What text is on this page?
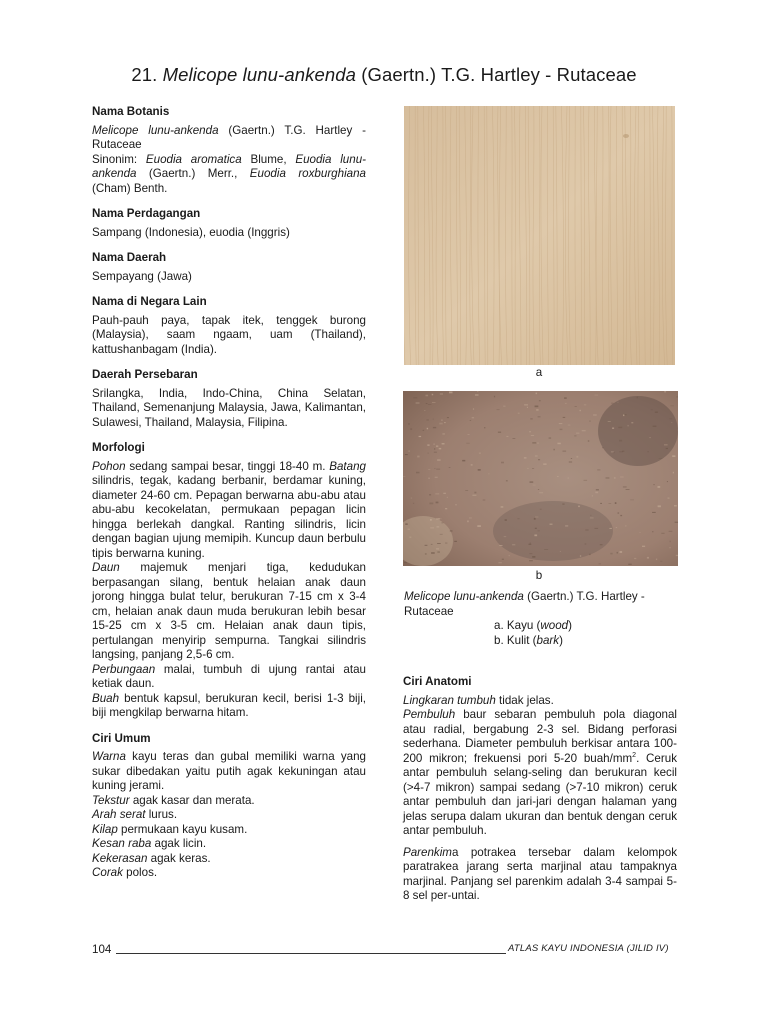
21. Melicope lunu-ankenda (Gaertn.) T.G. Hartley - Rutaceae
Nama Botanis

Melicope lunu-ankenda (Gaertn.) T.G. Hartley - Rutaceae

Sinonim: Euodia aromatica Blume, Euodia lunu-ankenda (Gaertn.) Merr., Euodia roxburghiana (Cham) Benth.

Nama Perdagangan

Sampang (Indonesia), euodia (Inggris)

Nama Daerah

Sempayang (Jawa)

Nama di Negara Lain

Pauh-pauh paya, tapak itek, tenggek burong (Malaysia), saam ngaam, uam (Thailand), kattushanbagam (India).

Daerah Persebaran

Srilangka, India, Indo-China, China Selatan, Thailand, Semenanjung Malaysia, Jawa, Kalimantan, Sulawesi, Thailand, Malaysia, Filipina.

Morfologi

Pohon sedang sampai besar, tinggi 18-40 m. Batang silindris, tegak, kadang berbanir, berdamar kuning, diameter 24-60 cm. Pepagan berwarna abu-abu atau abu-abu kecokelatan, permukaan pepagan licin hingga berlekah dangkal. Ranting silindris, licin dengan bagian ujung memipih. Kuncup daun berbulu tipis berwarna kuning.

Daun majemuk menjari tiga, kedudukan berpasangan silang, bentuk helaian anak daun jorong hingga bulat telur, berukuran 7-15 cm x 3-4 cm, helaian anak daun muda berukuran lebih besar 15-25 cm x 3-5 cm. Helaian anak daun tipis, pertulangan menyirip sempurna. Tangkai silindris langsing, panjang 2,5-6 cm.

Perbungaan malai, tumbuh di ujung rantai atau ketiak daun.

Buah bentuk kapsul, berukuran kecil, berisi 1-3 biji, biji mengkilap berwarna hitam.

Ciri Umum

Warna kayu teras dan gubal memiliki warna yang sukar dibedakan yaitu putih agak kekuningan atau kuning jerami.

Tekstur agak kasar dan merata.

Arah serat lurus.

Kilap permukaan kayu kusam.

Kesan raba agak licin.

Kekerasan agak keras.

Corak polos.

a
b

Melicope lunu-ankenda (Gaertn.) T.G. Hartley - Rutaceae

a. Kayu (wood)

b. Kulit (bark)

Ciri Anatomi

Lingkaran tumbuh tidak jelas.

Pembuluh baur sebaran pembuluh pola diagonal atau radial, bergabung 2-3 sel. Bidang perforasi sederhana. Diameter pembuluh berkisar antara 100-200 mikron; frekuensi pori 5-20 buah/$mm^2$. Ceruk antar pembuluh selang-seling dan berukuran kecil (>4-7 mikron) sampai sedang (>7-10 mikron) ceruk antar pembuluh dan jari-jari dengan halaman yang jelas serupa dalam ukuran dan bentuk dengan ceruk antar pembuluh.

Parenkima potrakea tersebar dalam kelompok paratrakea jarang serta marjinal atau tampaknya marjinal. Panjang sel parenkim adalah 3-4 sampai 5-8 sel per-untai.

104	ATLAS KAYU INDONESIA (JILID IV)
